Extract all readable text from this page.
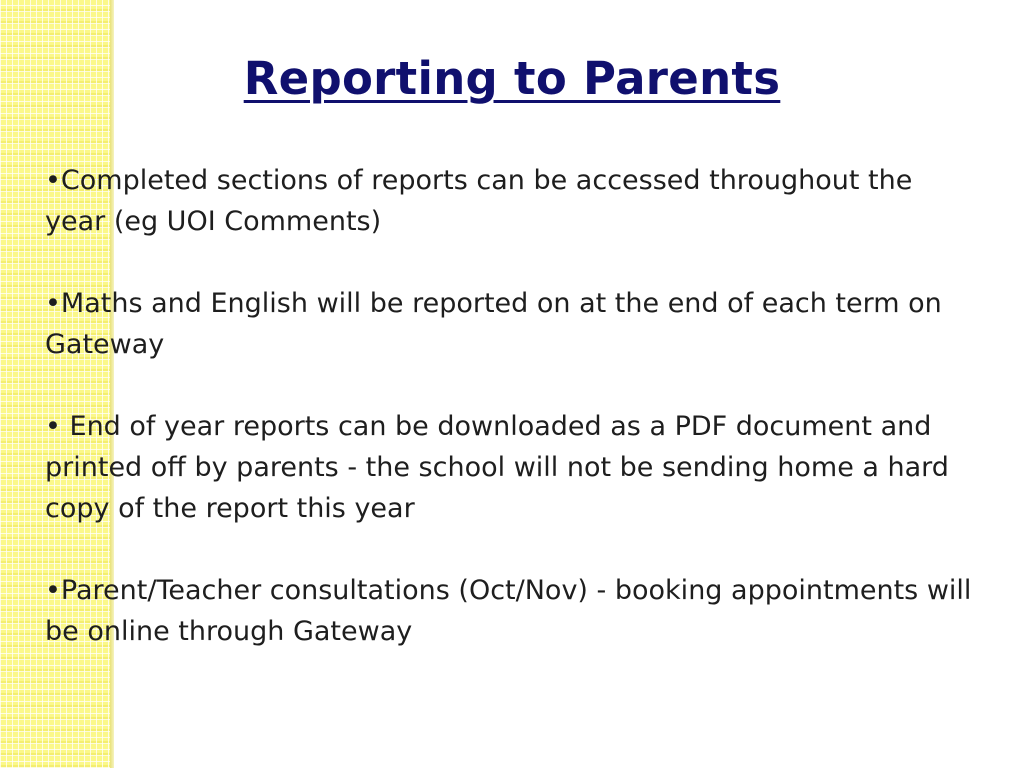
Reporting to Parents
•Completed sections of reports can be accessed throughout the year (eg UOI Comments)
•Maths and English will be reported on at the end of each term on Gateway
• End of year reports can be downloaded as a PDF document and printed off by parents - the school will not be sending home a hard copy of the report this year
•Parent/Teacher consultations (Oct/Nov) - booking appointments will be online through Gateway
